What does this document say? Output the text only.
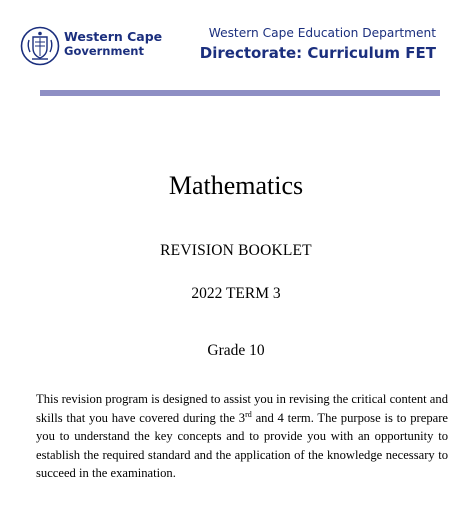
Western Cape
Government
Western Cape Education Department
Directorate: Curriculum FET
Mathematics
REVISION BOOKLET
2022 TERM 3
Grade 10
This revision program is designed to assist you in revising the critical content and skills that you have covered during the 3rd and 4 term. The purpose is to prepare you to understand the key concepts and to provide you with an opportunity to establish the required standard and the application of the knowledge necessary to succeed in the examination.
